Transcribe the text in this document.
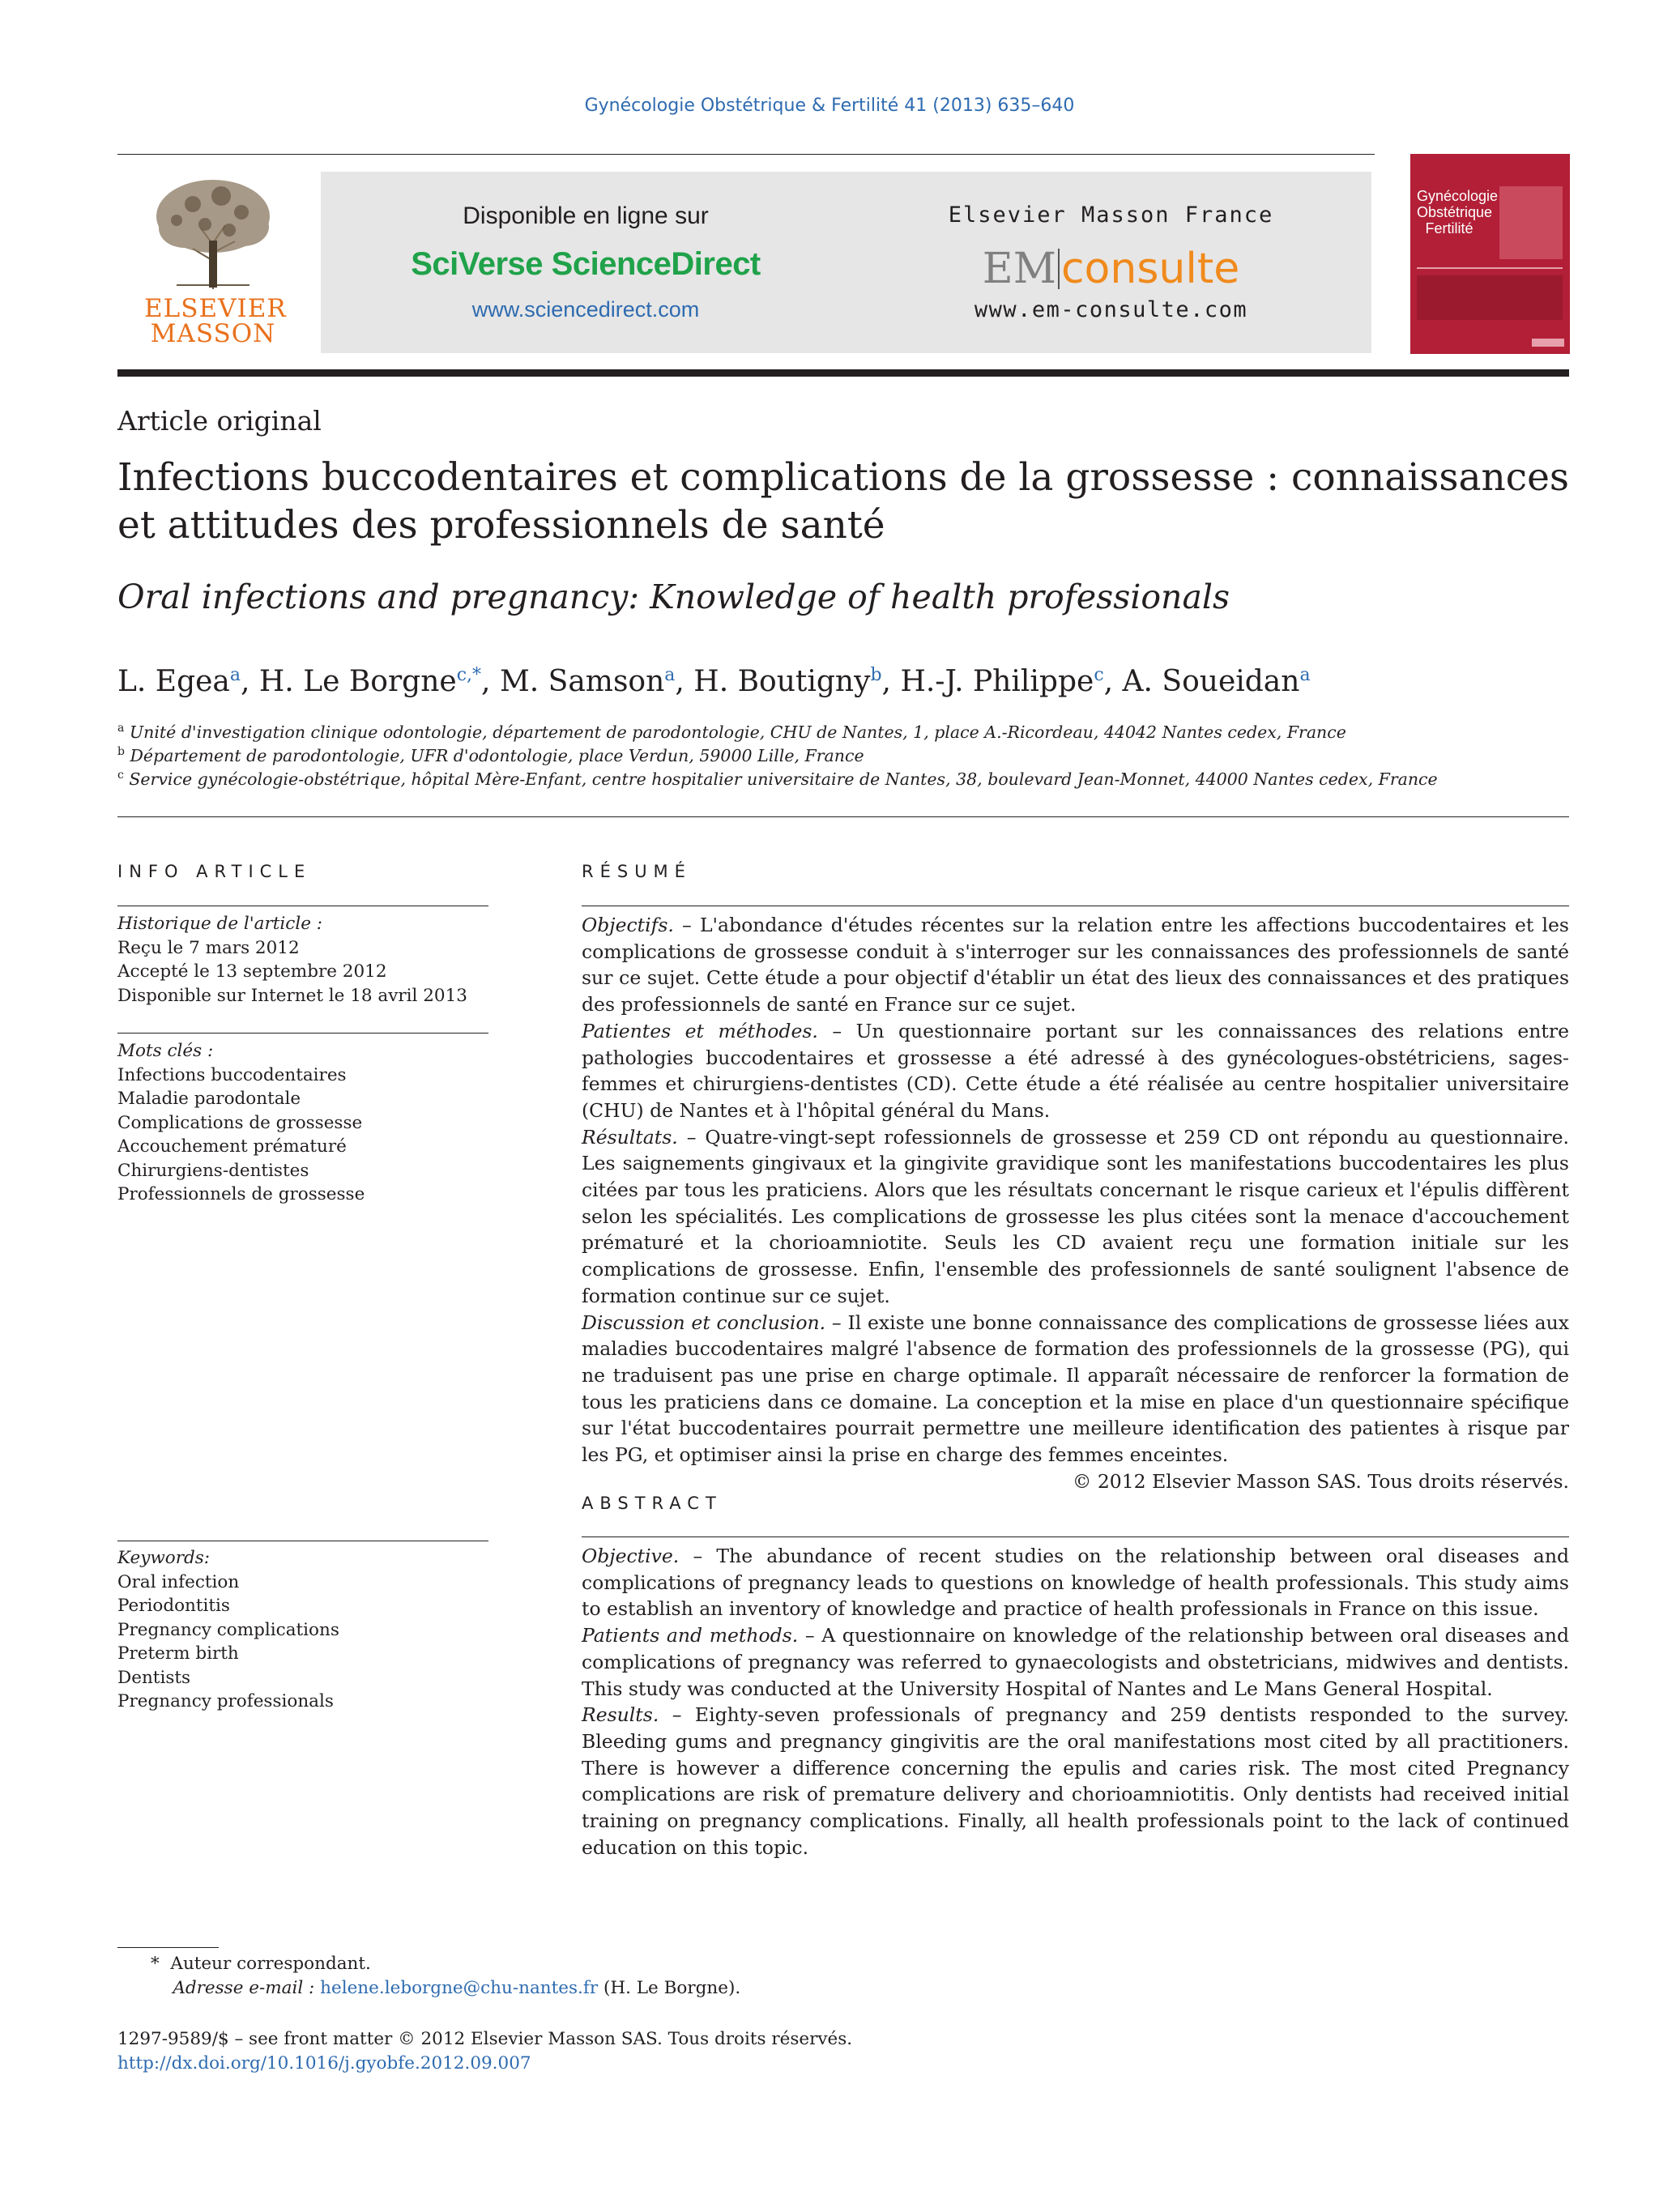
Gynécologie Obstétrique & Fertilité 41 (2013) 635–640
ELSEVIER
MASSON
Disponible en ligne sur
SciVerse ScienceDirect
www.sciencedirect.com
Elsevier Masson France
EM consulte
www.em-consulte.com
Gynécologie
Obstétrique
Fertilité
Article original
Infections buccodentaires et complications de la grossesse : connaissances et attitudes des professionnels de santé
Oral infections and pregnancy: Knowledge of health professionals
L. Egea$^a$, H. Le Borgne$^{c,*}$, M. Samson$^a$, H. Boutigny$^b$, H.-J. Philippe$^c$, A. Soueidan$^a$
$^a$ Unité d'investigation clinique odontologie, département de parodontologie, CHU de Nantes, 1, place A.-Ricordeau, 44042 Nantes cedex, France
$^b$ Département de parodontologie, UFR d'odontologie, place Verdun, 59000 Lille, France
$^c$ Service gynécologie-obstétrique, hôpital Mère-Enfant, centre hospitalier universitaire de Nantes, 38, boulevard Jean-Monnet, 44000 Nantes cedex, France
INFO ARTICLE
Historique de l'article :
Reçu le 7 mars 2012
Accepté le 13 septembre 2012
Disponible sur Internet le 18 avril 2013
Mots clés :
Infections buccodentaires
Maladie parodontale
Complications de grossesse
Accouchement prématuré
Chirurgiens-dentistes
Professionnels de grossesse
Keywords:
Oral infection
Periodontitis
Pregnancy complications
Preterm birth
Dentists
Pregnancy professionals
RÉSUMÉ

Objectifs. – L'abondance d'études récentes sur la relation entre les affections buccodentaires et les complications de grossesse conduit à s'interroger sur les connaissances des professionnels de santé sur ce sujet. Cette étude a pour objectif d'établir un état des lieux des connaissances et des pratiques des professionnels de santé en France sur ce sujet.

Patientes et méthodes. – Un questionnaire portant sur les connaissances des relations entre pathologies buccodentaires et grossesse a été adressé à des gynécologues-obstétriciens, sages-femmes et chirurgiens-dentistes (CD). Cette étude a été réalisée au centre hospitalier universitaire (CHU) de Nantes et à l'hôpital général du Mans.

Résultats. – Quatre-vingt-sept rofessionnels de grossesse et 259 CD ont répondu au questionnaire. Les saignements gingivaux et la gingivite gravidique sont les manifestations buccodentaires les plus citées par tous les praticiens. Alors que les résultats concernant le risque carieux et l'épulis diffèrent selon les spécialités. Les complications de grossesse les plus citées sont la menace d'accouchement prématuré et la chorioamniotite. Seuls les CD avaient reçu une formation initiale sur les complications de grossesse. Enfin, l'ensemble des professionnels de santé soulignent l'absence de formation continue sur ce sujet.

Discussion et conclusion. – Il existe une bonne connaissance des complications de grossesse liées aux maladies buccodentaires malgré l'absence de formation des professionnels de la grossesse (PG), qui ne traduisent pas une prise en charge optimale. Il apparaît nécessaire de renforcer la formation de tous les praticiens dans ce domaine. La conception et la mise en place d'un questionnaire spécifique sur l'état buccodentaires pourrait permettre une meilleure identification des patientes à risque par les PG, et optimiser ainsi la prise en charge des femmes enceintes.

© 2012 Elsevier Masson SAS. Tous droits réservés.

ABSTRACT

Objective. – The abundance of recent studies on the relationship between oral diseases and complications of pregnancy leads to questions on knowledge of health professionals. This study aims to establish an inventory of knowledge and practice of health professionals in France on this issue.

Patients and methods. – A questionnaire on knowledge of the relationship between oral diseases and complications of pregnancy was referred to gynaecologists and obstetricians, midwives and dentists. This study was conducted at the University Hospital of Nantes and Le Mans General Hospital.

Results. – Eighty-seven professionals of pregnancy and 259 dentists responded to the survey. Bleeding gums and pregnancy gingivitis are the oral manifestations most cited by all practitioners. There is however a difference concerning the epulis and caries risk. The most cited Pregnancy complications are risk of premature delivery and chorioamniotitis. Only dentists had received initial training on pregnancy complications. Finally, all health professionals point to the lack of continued education on this topic.

* Auteur correspondant.
Adresse e-mail : helene.leborgne@chu-nantes.fr (H. Le Borgne).
1297-9589/$ – see front matter © 2012 Elsevier Masson SAS. Tous droits réservés.
http://dx.doi.org/10.1016/j.gyobfe.2012.09.007
